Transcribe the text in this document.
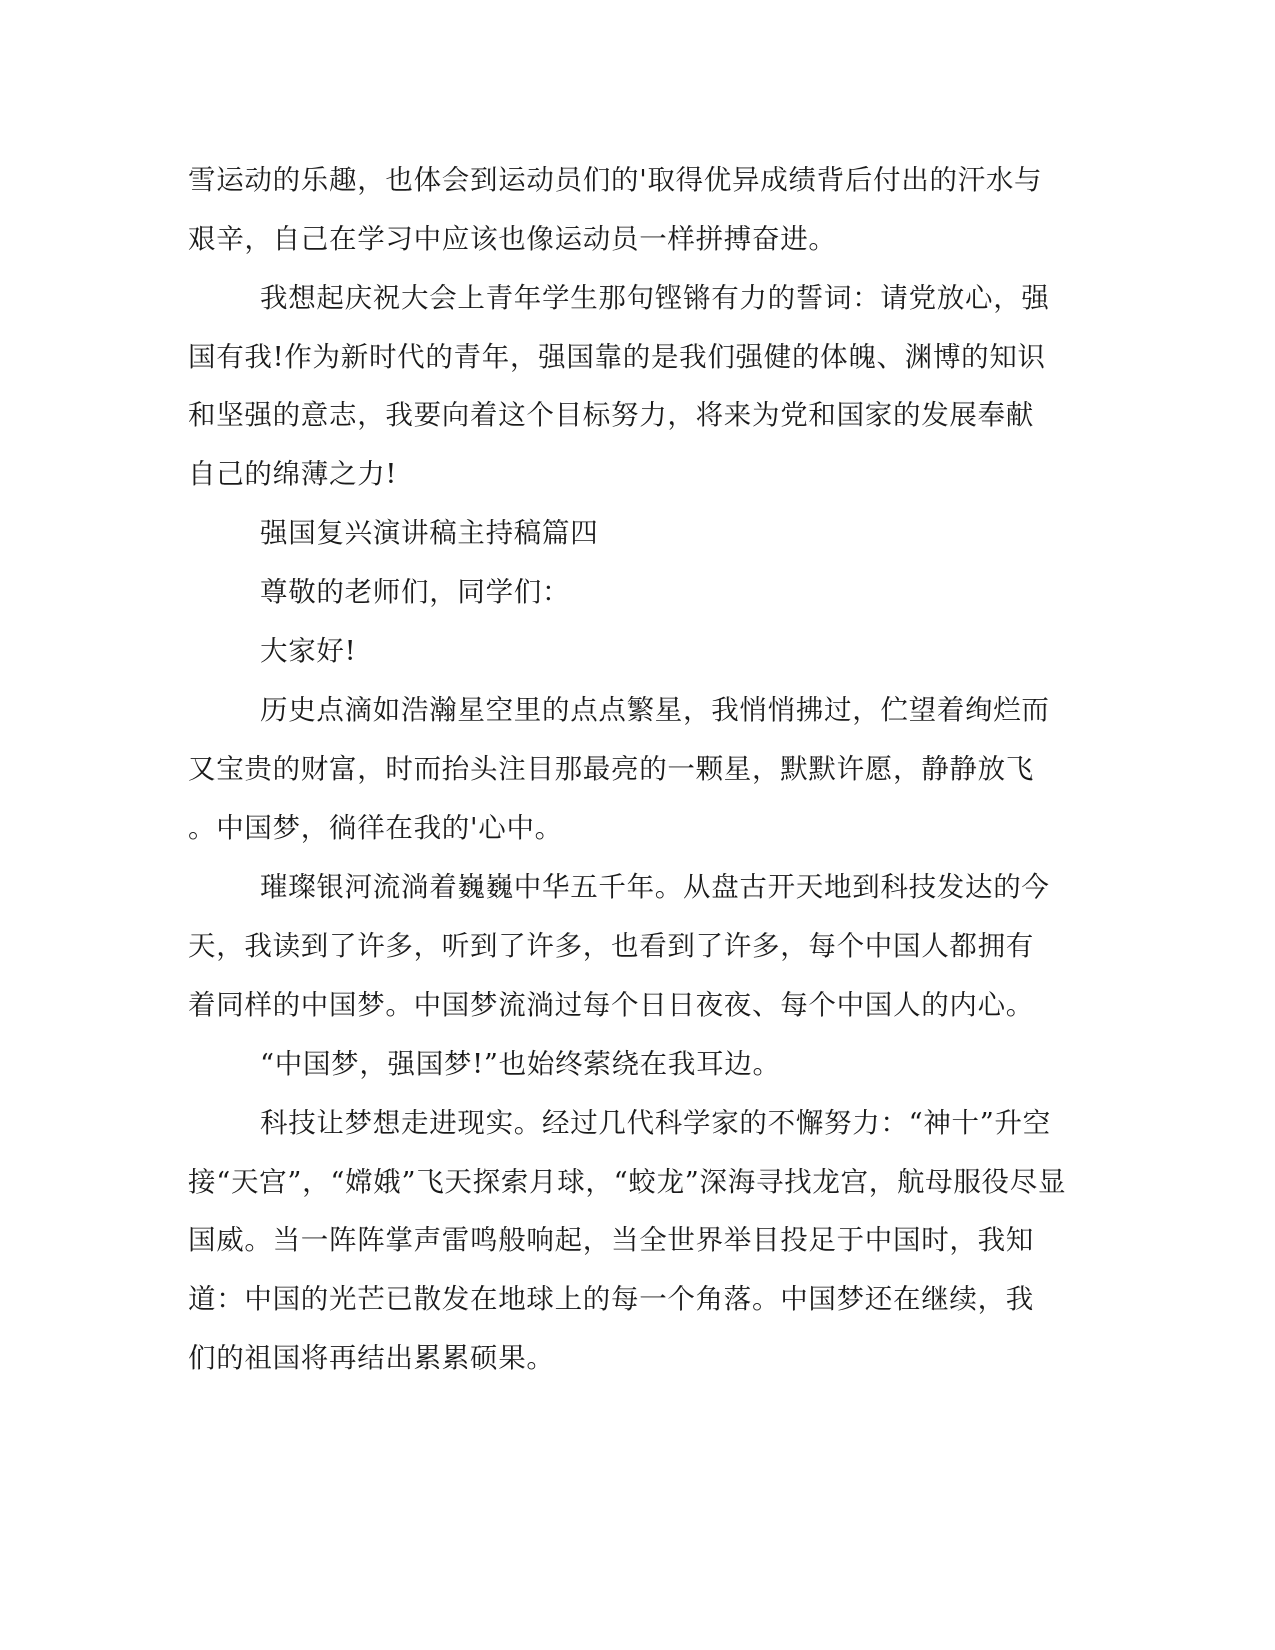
雪运动的乐趣，也体会到运动员们的'取得优异成绩背后付出的汗水与
艰辛，自己在学习中应该也像运动员一样拼搏奋进。
我想起庆祝大会上青年学生那句铿锵有力的誓词：请党放心，强
国有我!作为新时代的青年，强国靠的是我们强健的体魄、渊博的知识
和坚强的意志，我要向着这个目标努力，将来为党和国家的发展奉献
自己的绵薄之力!
强国复兴演讲稿主持稿篇四
尊敬的老师们，同学们：
大家好!
历史点滴如浩瀚星空里的点点繁星，我悄悄拂过，伫望着绚烂而
又宝贵的财富，时而抬头注目那最亮的一颗星，默默许愿，静静放飞
。中国梦，徜徉在我的'心中。
璀璨银河流淌着巍巍中华五千年。从盘古开天地到科技发达的今
天，我读到了许多，听到了许多，也看到了许多，每个中国人都拥有
着同样的中国梦。中国梦流淌过每个日日夜夜、每个中国人的内心。
“中国梦，强国梦!”也始终萦绕在我耳边。
科技让梦想走进现实。经过几代科学家的不懈努力：“神十”升空
接“天宫”，“嫦娥”飞天探索月球，“蛟龙”深海寻找龙宫，航母服役尽显
国威。当一阵阵掌声雷鸣般响起，当全世界举目投足于中国时，我知
道：中国的光芒已散发在地球上的每一个角落。中国梦还在继续，我
们的祖国将再结出累累硕果。
